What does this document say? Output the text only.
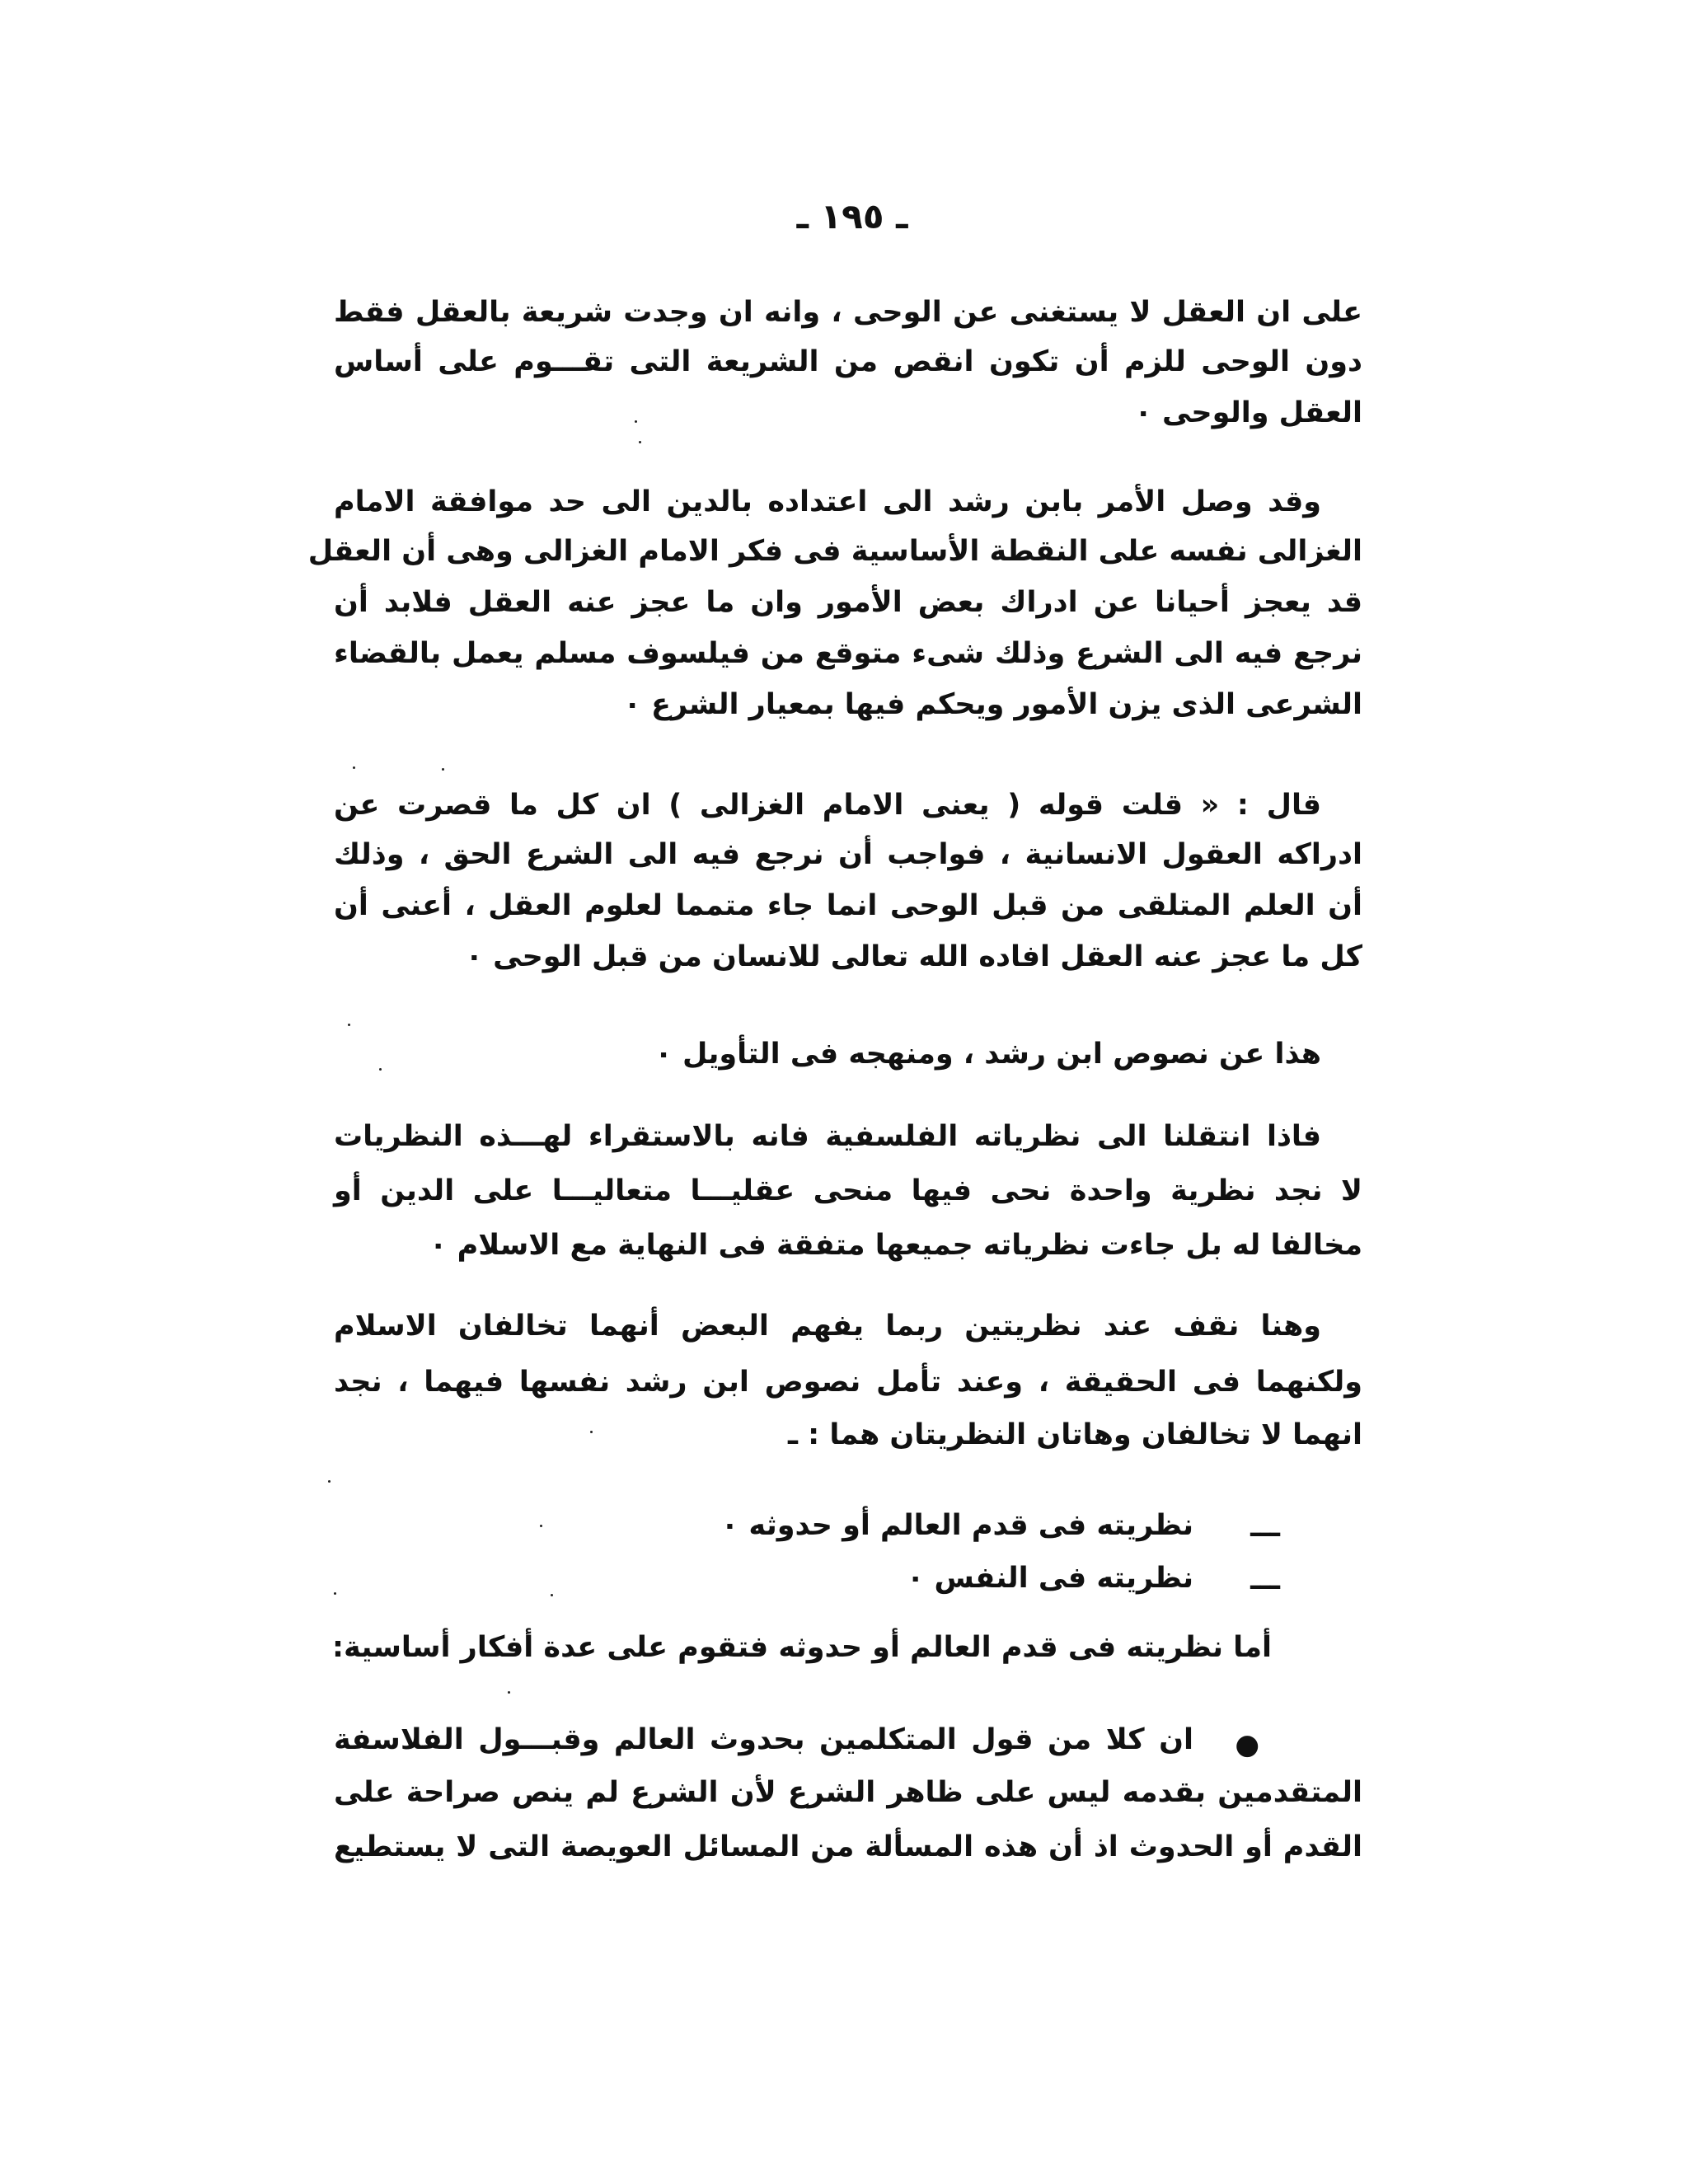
ـ ١٩٥ ـ
على ان العقل لا يستغنى عن الوحى ، وانه ان وجدت شريعة بالعقل فقط
دون الوحى للزم أن تكون انقص من الشريعة التى تقـــوم على أساس
العقل والوحى ٠
وقد وصل الأمر بابن رشد الى اعتداده بالدين الى حد موافقة الامام
الغزالى نفسه على النقطة الأساسية فى فكر الامام الغزالى وهى أن العقل
قد يعجز أحيانا عن ادراك بعض الأمور وان ما عجز عنه العقل فلابد أن
نرجع فيه الى الشرع وذلك شىء متوقع من فيلسوف مسلم يعمل بالقضاء
الشرعى الذى يزن الأمور ويحكم فيها بمعيار الشرع ٠
قال : « قلت قوله ( يعنى الامام الغزالى ) ان كل ما قصرت عن
ادراكه العقول الانسانية ، فواجب أن نرجع فيه الى الشرع الحق ، وذلك
أن العلم المتلقى من قبل الوحى انما جاء متمما لعلوم العقل ، أعنى أن
كل ما عجز عنه العقل افاده الله تعالى للانسان من قبل الوحى ٠
هذا عن نصوص ابن رشد ، ومنهجه فى التأويل ٠
فاذا انتقلنا الى نظرياته الفلسفية فانه بالاستقراء لهـــذه النظريات
لا نجد نظرية واحدة نحى فيها منحى عقليـــا متعاليـــا على الدين أو
مخالفا له بل جاءت نظرياته جميعها متفقة فى النهاية مع الاسلام ٠
وهنا نقف عند نظريتين ربما يفهم البعض أنهما تخالفان الاسلام
ولكنهما فى الحقيقة ، وعند تأمل نصوص ابن رشد نفسها فيهما ، نجد
انهما لا تخالفان وهاتان النظريتان هما : ـ
ـــ
نظريته فى قدم العالم أو حدوثه ٠
ـــ
نظريته فى النفس ٠
أما نظريته فى قدم العالم أو حدوثه فتقوم على عدة أفكار أساسية:
●
ان كلا من قول المتكلمين بحدوث العالم وقبـــول الفلاسفة
المتقدمين بقدمه ليس على ظاهر الشرع لأن الشرع لم ينص صراحة على
القدم أو الحدوث اذ أن هذه المسألة من المسائل العويصة التى لا يستطيع
